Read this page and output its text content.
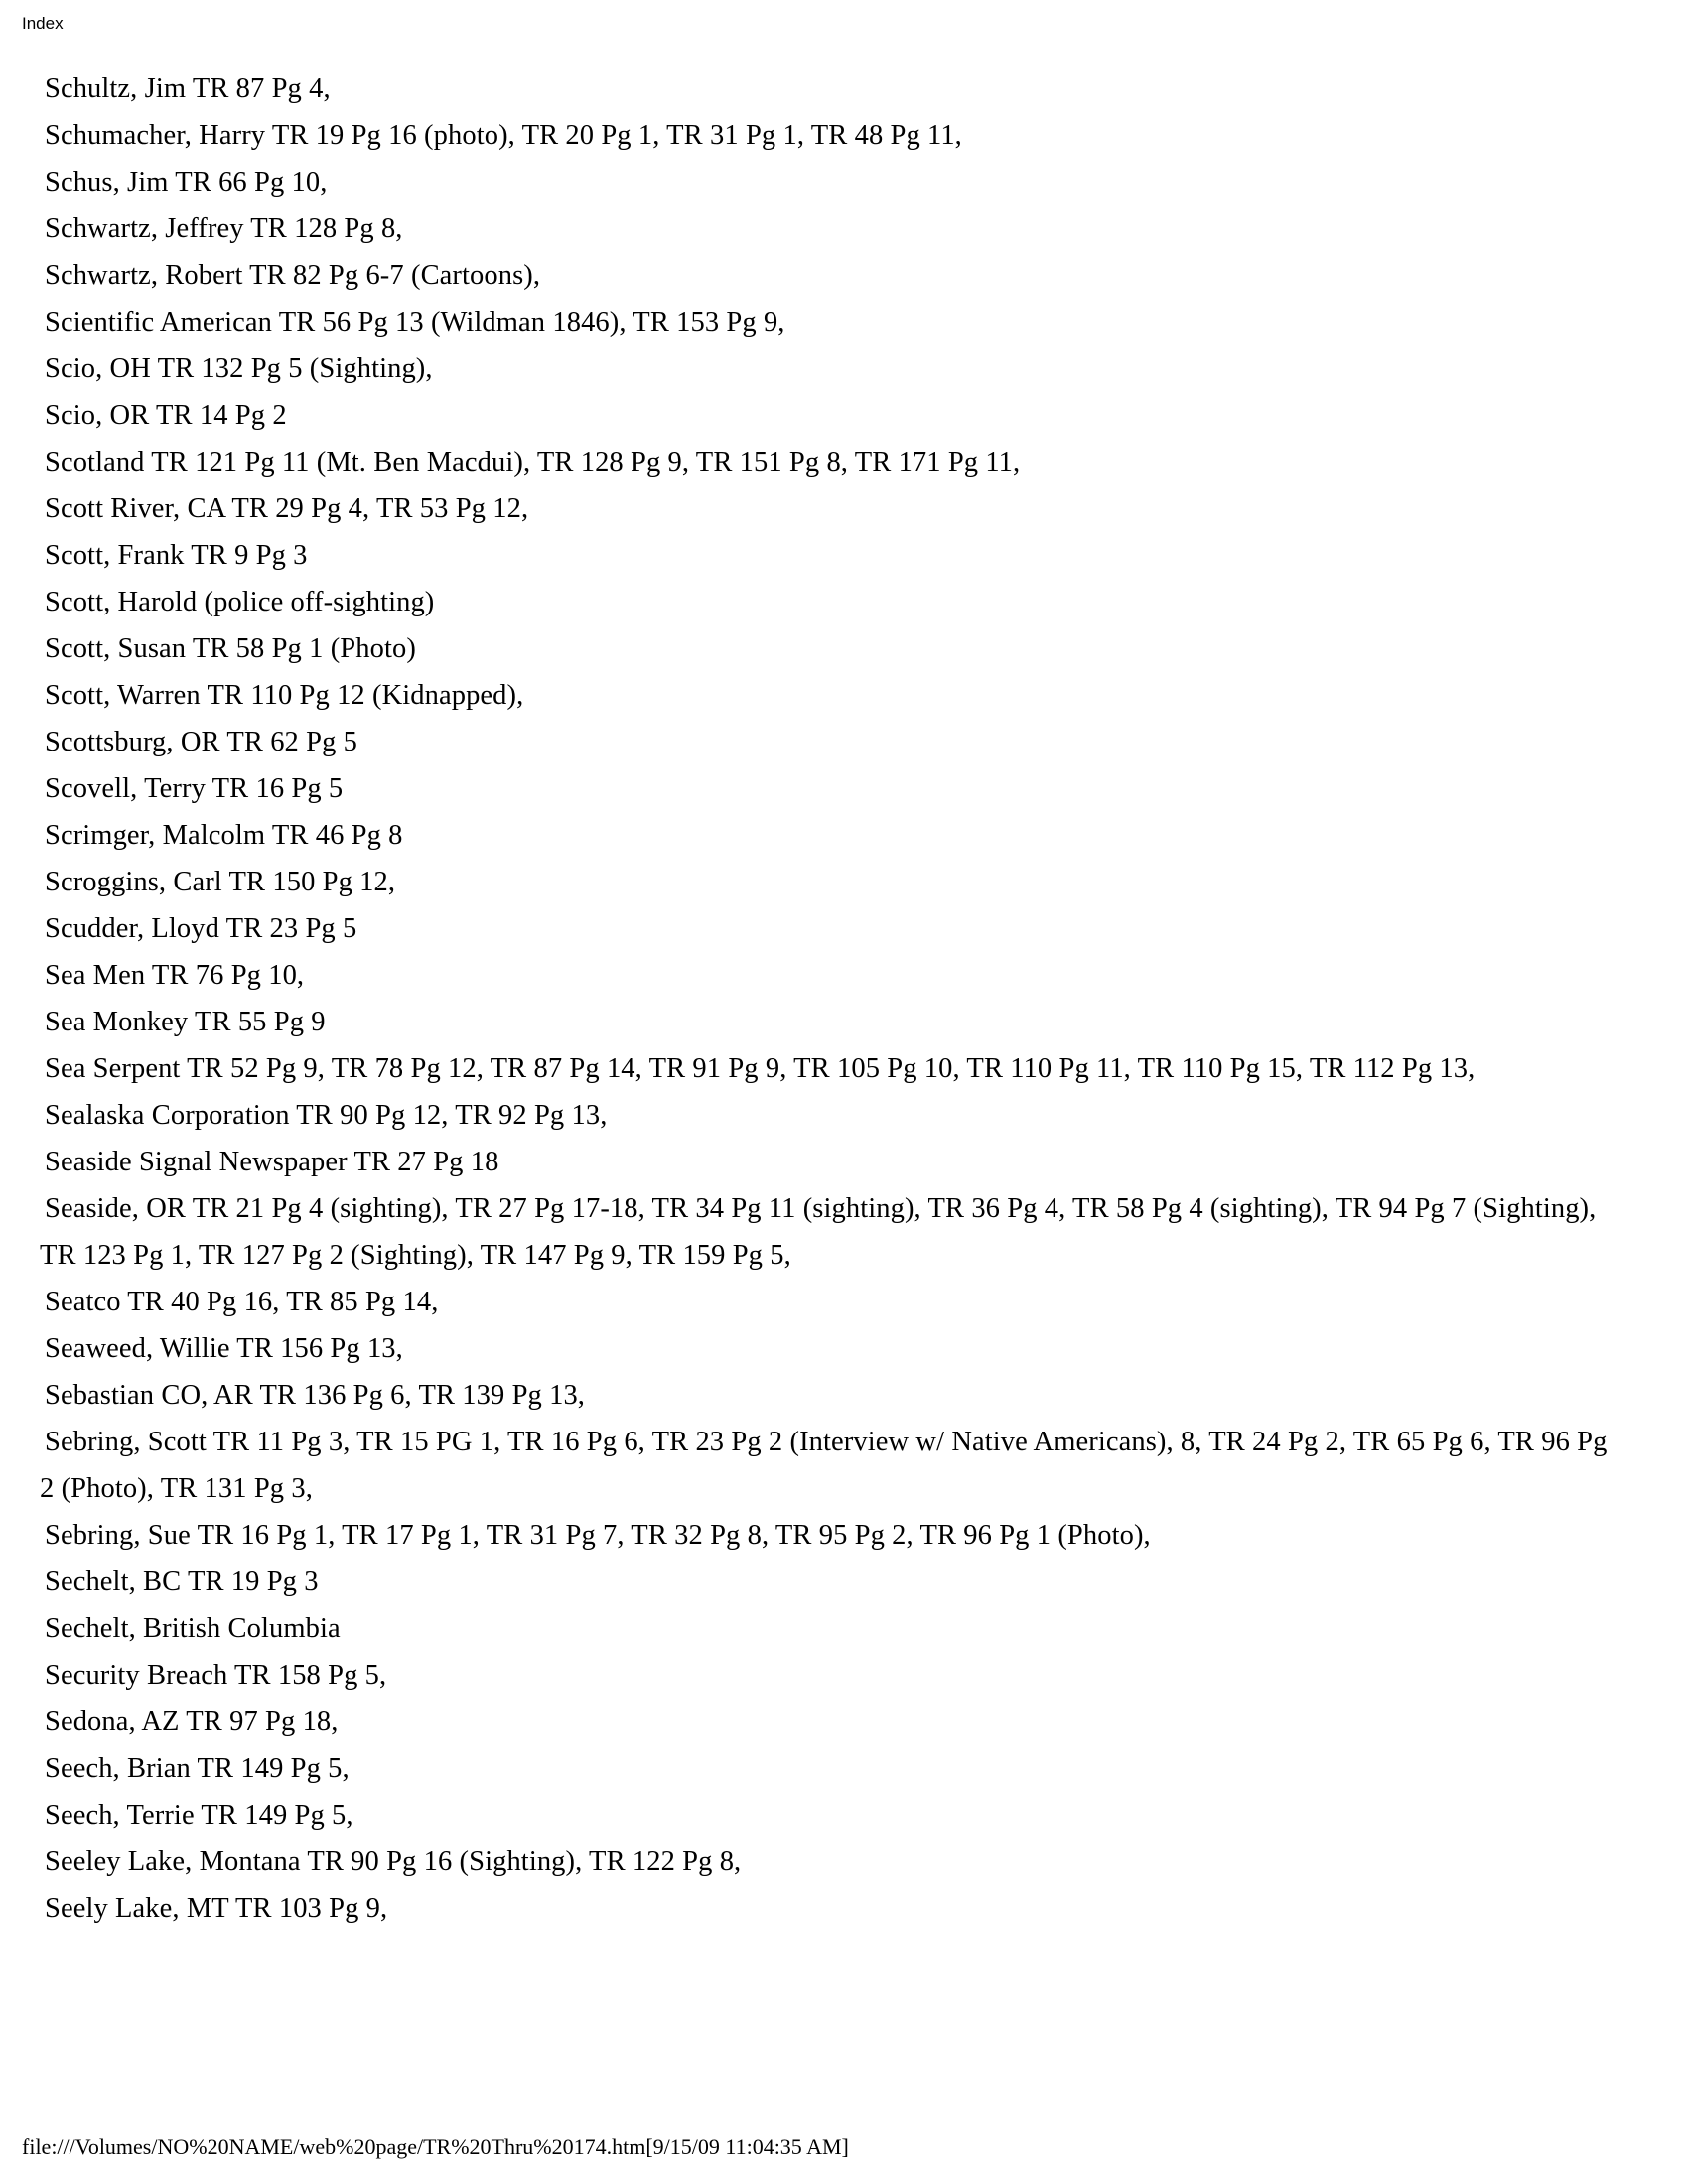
Index
Schultz, Jim TR 87 Pg 4,
Schumacher, Harry TR 19 Pg 16 (photo), TR 20 Pg 1, TR 31 Pg 1, TR 48 Pg 11,
Schus, Jim TR 66 Pg 10,
Schwartz, Jeffrey TR 128 Pg 8,
Schwartz, Robert TR 82 Pg 6-7 (Cartoons),
Scientific American TR 56 Pg 13 (Wildman 1846), TR 153 Pg 9,
Scio, OH TR 132 Pg 5 (Sighting),
Scio, OR TR 14 Pg 2
Scotland TR 121 Pg 11 (Mt. Ben Macdui), TR 128 Pg 9, TR 151 Pg 8, TR 171 Pg 11,
Scott River, CA TR 29 Pg 4, TR 53 Pg 12,
Scott, Frank TR 9 Pg 3
Scott, Harold (police off-sighting)
Scott, Susan TR 58 Pg 1 (Photo)
Scott, Warren TR 110 Pg 12 (Kidnapped),
Scottsburg, OR TR 62 Pg 5
Scovell, Terry TR 16 Pg 5
Scrimger, Malcolm TR 46 Pg 8
Scroggins, Carl TR 150 Pg 12,
Scudder, Lloyd TR 23 Pg 5
Sea Men TR 76 Pg 10,
Sea Monkey TR 55 Pg 9
Sea Serpent TR 52 Pg 9, TR 78 Pg 12, TR 87 Pg 14, TR 91 Pg 9, TR 105 Pg 10, TR 110 Pg 11, TR 110 Pg 15, TR 112 Pg 13,
Sealaska Corporation TR 90 Pg 12, TR 92 Pg 13,
Seaside Signal Newspaper TR 27 Pg 18
Seaside, OR TR 21 Pg 4 (sighting), TR 27 Pg 17-18, TR 34 Pg 11 (sighting), TR 36 Pg 4, TR 58 Pg 4 (sighting), TR 94 Pg 7 (Sighting), TR 123 Pg 1, TR 127 Pg 2 (Sighting), TR 147 Pg 9, TR 159 Pg 5,
Seatco TR 40 Pg 16, TR 85 Pg 14,
Seaweed, Willie TR 156 Pg 13,
Sebastian CO, AR TR 136 Pg 6, TR 139 Pg 13,
Sebring, Scott TR 11 Pg 3, TR 15 PG 1, TR 16 Pg 6, TR 23 Pg 2 (Interview w/ Native Americans), 8, TR 24 Pg 2, TR 65 Pg 6, TR 96 Pg 2 (Photo), TR 131 Pg 3,
Sebring, Sue TR 16 Pg 1, TR 17 Pg 1, TR 31 Pg 7, TR 32 Pg 8, TR 95 Pg 2, TR 96 Pg 1 (Photo),
Sechelt, BC TR 19 Pg 3
Sechelt, British Columbia
Security Breach TR 158 Pg 5,
Sedona, AZ TR 97 Pg 18,
Seech, Brian TR 149 Pg 5,
Seech, Terrie TR 149 Pg 5,
Seeley Lake, Montana TR 90 Pg 16 (Sighting), TR 122 Pg 8,
Seely Lake, MT TR 103 Pg 9,
file:///Volumes/NO%20NAME/web%20page/TR%20Thru%20174.htm[9/15/09 11:04:35 AM]
